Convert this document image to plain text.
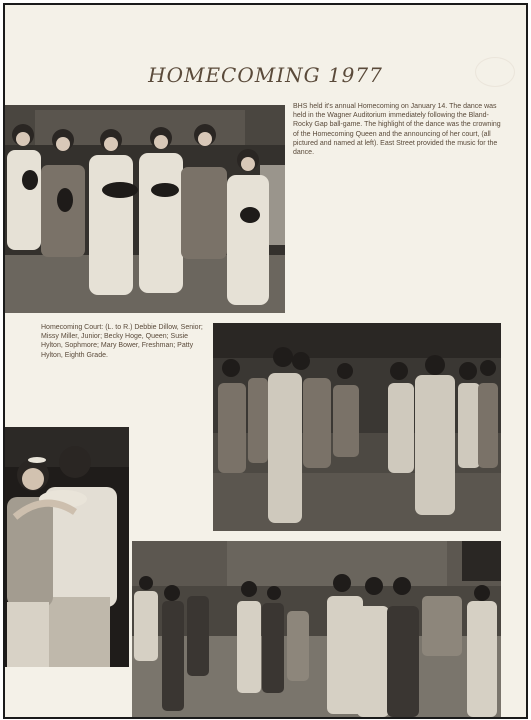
HOMECOMING 1977
BHS held it's annual Homecoming on January 14. The dance was held in the Wagner Auditorium immediately following the Bland-Rocky Gap ball-game. The highlight of the dance was the crowning of the Homecoming Queen and the announcing of her court, (all pictured and named at left). East Street provided the music for the dance.
Homecoming Court: (L. to R.) Debbie Dillow, Senior; Missy Miller, Junior; Becky Hoge, Queen; Susie Hylton, Sophmore; Mary Bower, Freshman; Patty Hylton, Eighth Grade.
